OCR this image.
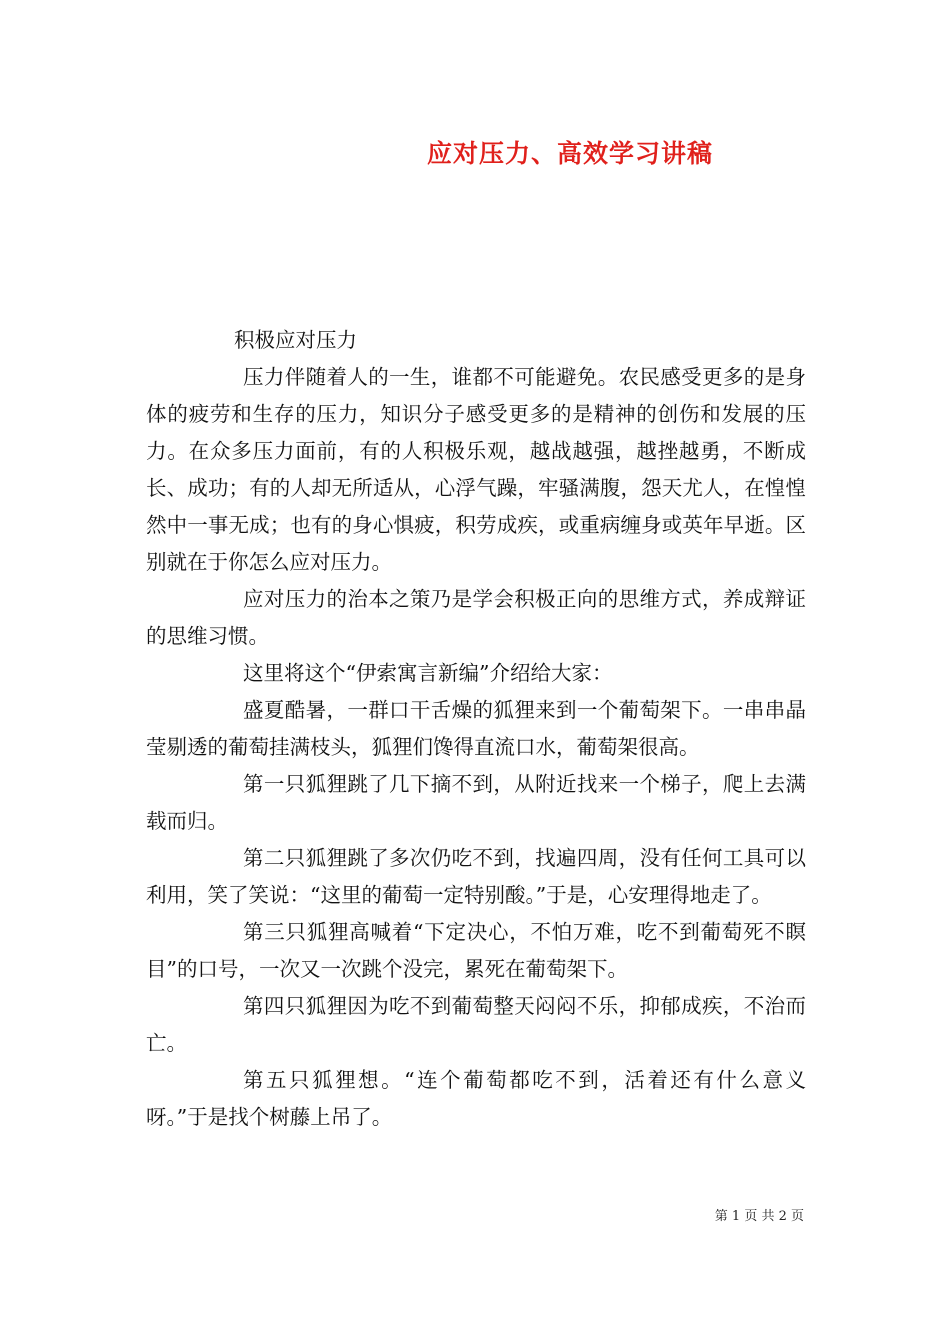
应对压力、高效学习讲稿

积极应对压力

压力伴随着人的一生，谁都不可能避免。农民感受更多的是身体的疲劳和生存的压力，知识分子感受更多的是精神的创伤和发展的压力。在众多压力面前，有的人积极乐观，越战越强，越挫越勇，不断成长、成功；有的人却无所适从，心浮气躁，牢骚满腹，怨天尤人，在惶惶然中一事无成；也有的身心惧疲，积劳成疾，或重病缠身或英年早逝。区别就在于你怎么应对压力。

应对压力的治本之策乃是学会积极正向的思维方式，养成辩证的思维习惯。

这里将这个“伊索寓言新编”介绍给大家：

盛夏酷暑，一群口干舌燥的狐狸来到一个葡萄架下。一串串晶莹剔透的葡萄挂满枝头，狐狸们馋得直流口水，葡萄架很高。

第一只狐狸跳了几下摘不到，从附近找来一个梯子，爬上去满载而归。

第二只狐狸跳了多次仍吃不到，找遍四周，没有任何工具可以利用，笑了笑说：“这里的葡萄一定特别酸。”于是，心安理得地走了。

第三只狐狸高喊着“下定决心，不怕万难，吃不到葡萄死不瞑目”的口号，一次又一次跳个没完，累死在葡萄架下。

第四只狐狸因为吃不到葡萄整天闷闷不乐，抑郁成疾，不治而亡。

第五只狐狸想。“连个葡萄都吃不到，活着还有什么意义呀。”于是找个树藤上吊了。

第 1 页 共 2 页
